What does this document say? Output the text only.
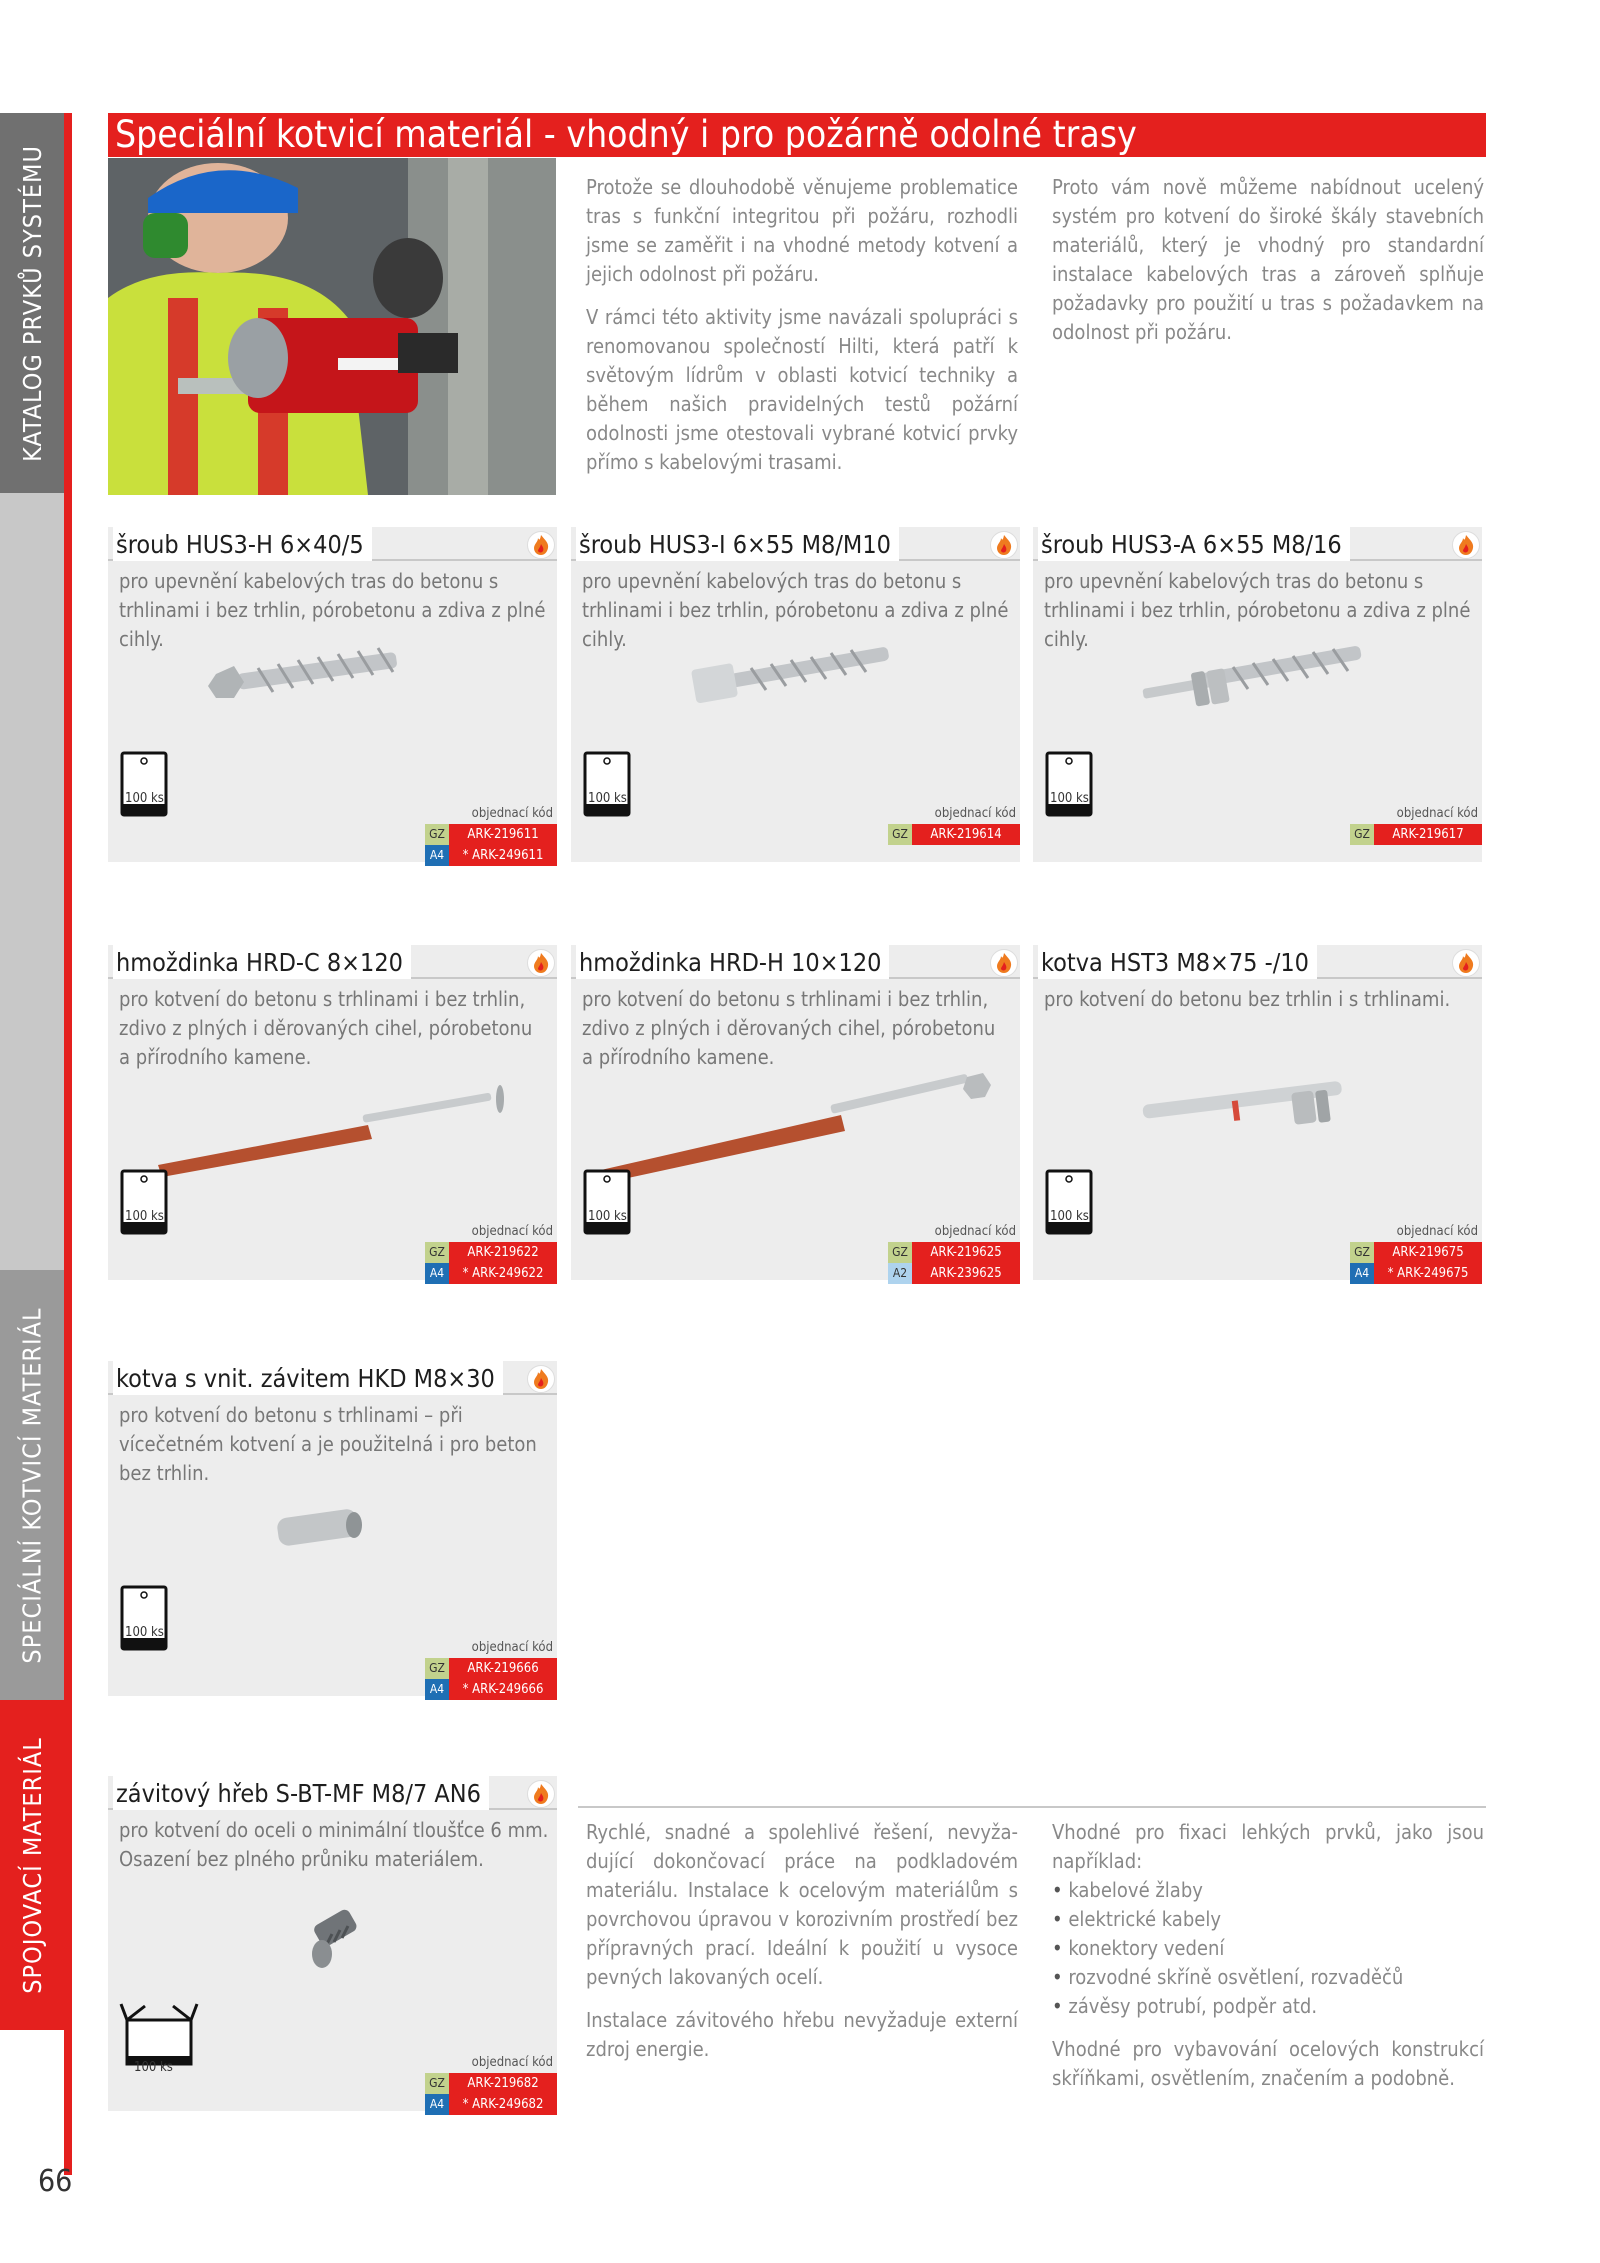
KATALOG PRVKŮ SYSTÉMU
SPECIÁLNÍ KOTVICÍ MATERIÁL
SPOJOVACÍ MATERIÁL
66
Speciální kotvicí materiál - vhodný i pro požárně odolné trasy

Protože se dlouhodobě věnujeme problematice tras s funkční integritou při požáru, rozhodli jsme se zaměřit i na vhodné metody kotvení a jejich odolnost při požáru.

V rámci této aktivity jsme navázali spolupráci s renomovanou společností Hilti, která patří k světovým lídrům v oblasti kotvicí techniky a během našich pravidelných testů požární odolnosti jsme otestovali vybrané kotvicí prvky přímo s kabelovými trasami.

Proto vám nově můžeme nabídnout ucelený systém pro kotvení do široké škály stavebních materiálů, který je vhodný pro standardní instalace kabelových tras a zároveň splňuje požadavky pro použití u tras s požadavkem na odolnost při požáru.

šroub HUS3-H 6×40/5
pro upevnění kabelových tras do betonu s trhlinami i bez trhlin, pórobetonu a zdiva z plné cihly.
100 ks
objednací kód
GZ	ARK-219611
A4	* ARK-249611
šroub HUS3-I 6×55 M8/M10
pro upevnění kabelových tras do betonu s trhlinami i bez trhlin, pórobetonu a zdiva z plné cihly.
100 ks
objednací kód
GZ	ARK-219614
šroub HUS3-A 6×55 M8/16
pro upevnění kabelových tras do betonu s trhlinami i bez trhlin, pórobetonu a zdiva z plné cihly.
100 ks
objednací kód
GZ	ARK-219617
hmoždinka HRD-C 8×120
pro kotvení do betonu s trhlinami i bez trhlin, zdivo z plných i děrovaných cihel, pórobetonu a přírodního kamene.
100 ks
objednací kód
GZ	ARK-219622
A4	* ARK-249622
hmoždinka HRD-H 10×120
pro kotvení do betonu s trhlinami i bez trhlin, zdivo z plných i děrovaných cihel, pórobetonu a přírodního kamene.
100 ks
objednací kód
GZ	ARK-219625
A2	ARK-239625
kotva HST3 M8×75 -/10
pro kotvení do betonu bez trhlin i s trhlinami.
100 ks
objednací kód
GZ	ARK-219675
A4	* ARK-249675
kotva s vnit. závitem HKD M8×30
pro kotvení do betonu s trhlinami – při vícečetném kotvení a je použitelná i pro beton bez trhlin.
100 ks
objednací kód
GZ	ARK-219666
A4	* ARK-249666
závitový hřeb S-BT-MF M8/7 AN6
pro kotvení do oceli o minimální tloušťce 6 mm. Osazení bez plného průniku materiálem.
100 ks	objednací kód
GZ	ARK-219682
A4	* ARK-249682

Rychlé, snadné a spolehlivé řešení, nevyžadující dokončovací práce na podkladovém materiálu. Instalace k ocelovým materiálům s povrchovou úpravou v korozivním prostředí bez přípravných prací. Ideální k použití u vysoce pevných lakovaných ocelí.

Instalace závitového hřebu nevyžaduje externí zdroj energie.

Vhodné pro fixaci lehkých prvků, jako jsou například:

• kabelové žlaby
• elektrické kabely
• konektory vedení
• rozvodné skříně osvětlení, rozvaděčů
• závěsy potrubí, podpěr atd.

Vhodné pro vybavování ocelových konstrukcí skříňkami, osvětlením, značením a podobně.
